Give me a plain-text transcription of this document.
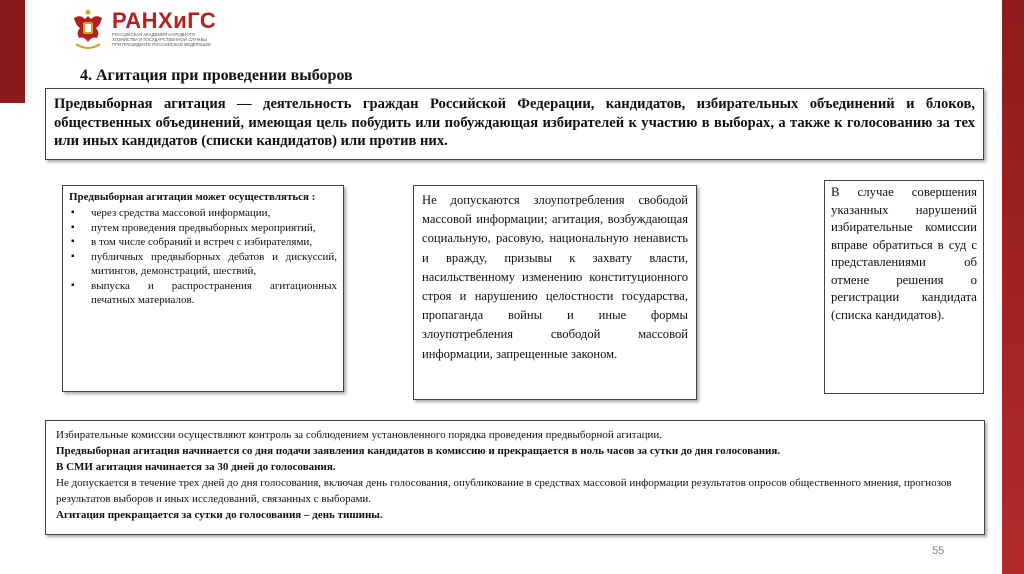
РАНХиГС
РОССИЙСКАЯ АКАДЕМИЯ НАРОДНОГО ХОЗЯЙСТВА И ГОСУДАРСТВЕННОЙ СЛУЖБЫ ПРИ ПРЕЗИДЕНТЕ РОССИЙСКОЙ ФЕДЕРАЦИИ
4. Агитация при проведении выборов

Предвыборная агитация — деятельность граждан Российской Федерации, кандидатов, избирательных объединений и блоков, общественных объединений, имеющая цель побудить или побуждающая избирателей к участию в выборах, а также к голосованию за тех или иных кандидатов (списки кандидатов) или против них.

Предвыборная агитация может осуществляться :

▪ через средства массовой информации,
▪ путем проведения предвыборных мероприятий,
▪ в том числе собраний и встреч с избирателями,
▪ публичных предвыборных дебатов и дискуссий, митингов, демонстраций, шествий,
▪ выпуска и распространения агитационных печатных материалов.

Не допускаются злоупотребления свободой массовой информации; агитация, возбуждающая социальную, расовую, национальную ненависть и вражду, призывы к захвату власти, насильственному изменению конституционного строя и нарушению целостности государства, пропаганда войны и иные формы злоупотребления свободой массовой информации, запрещенные законом.

В случае совершения указанных нарушений избирательные комиссии вправе обратиться в суд с представлениями об отмене решения о регистрации кандидата (списка кандидатов).

Избирательные комиссии осуществляют контроль за соблюдением установленного порядка проведения предвыборной агитации.

Предвыборная агитация начинается со дня подачи заявления кандидатов в комиссию и прекращается в ноль часов за сутки до дня голосования.

В СМИ агитация начинается за 30 дней до голосования.

Не допускается в течение трех дней до дня голосования, включая день голосования, опубликование в средствах массовой информации результатов опросов общественного мнения, прогнозов результатов выборов и иных исследований, связанных с выборами.

Агитация прекращается за сутки до голосования – день тишины.

55
